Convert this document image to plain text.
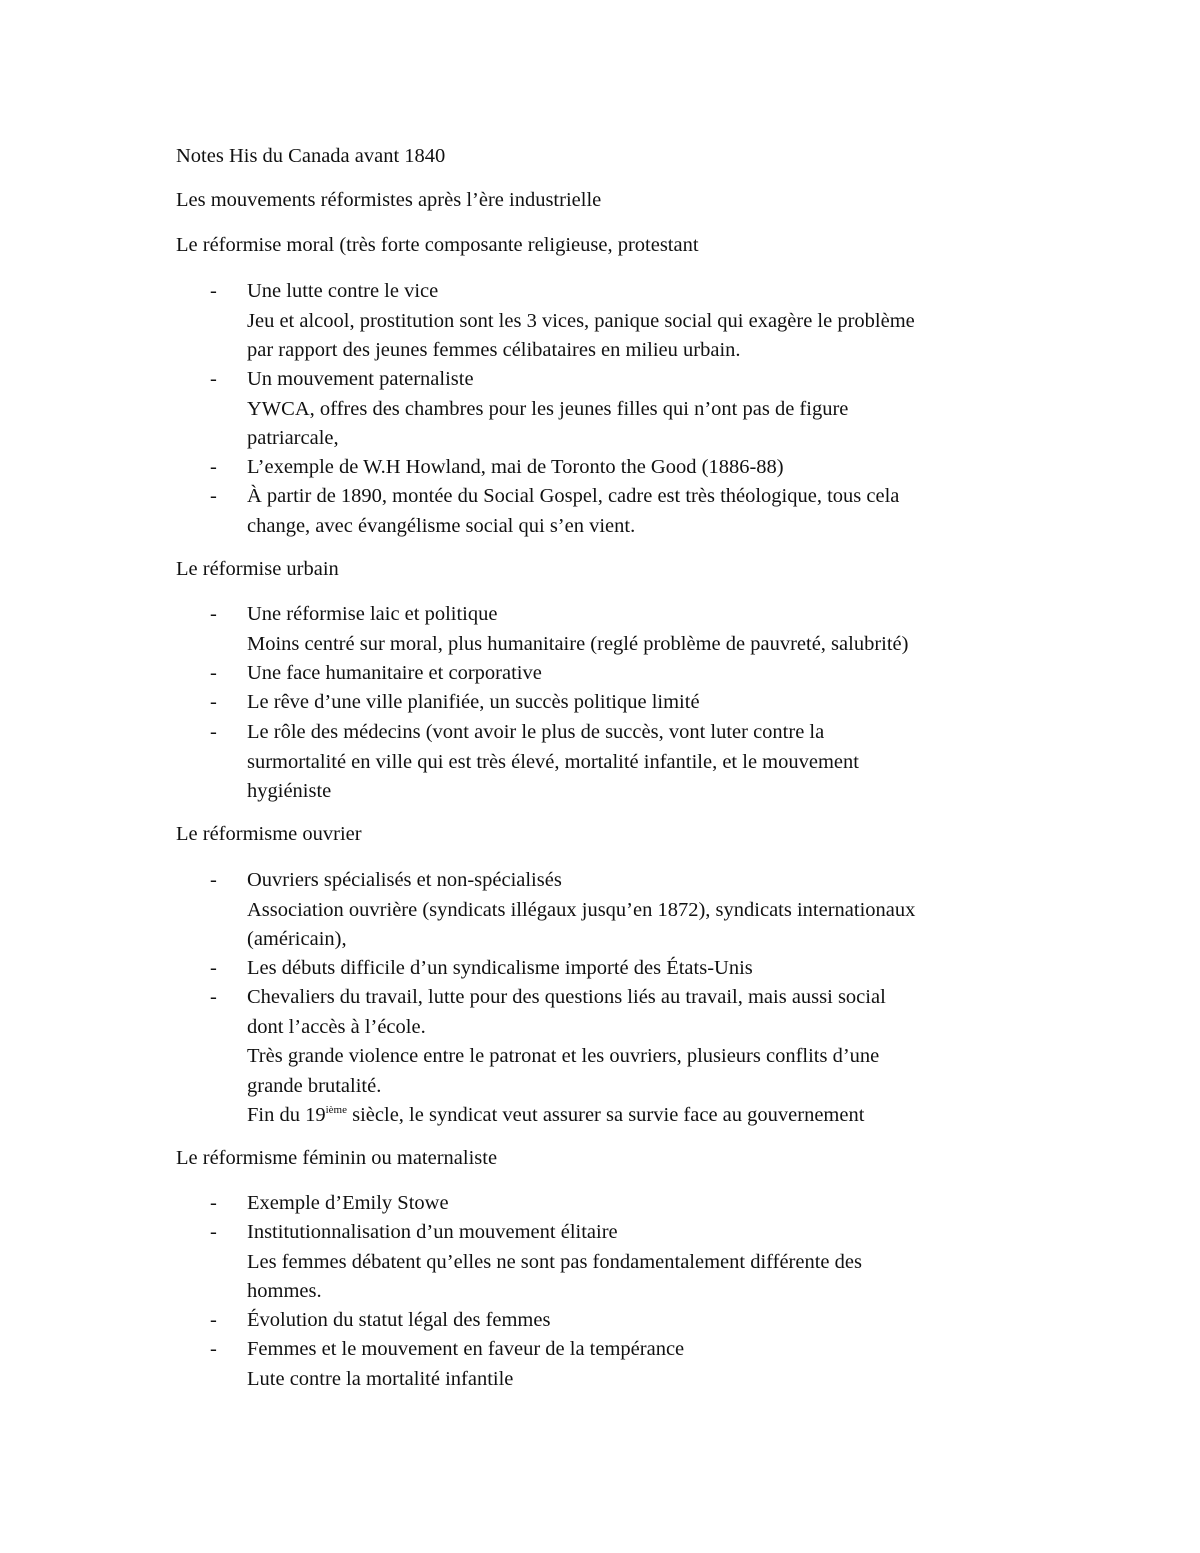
Notes His du Canada avant 1840

Les mouvements réformistes après l’ère industrielle

Le réformise moral (très forte composante religieuse, protestant

- Une lutte contre le vice
Jeu et alcool, prostitution sont les 3 vices, panique social qui exagère le problème
par rapport des jeunes femmes célibataires en milieu urbain.
- Un mouvement paternaliste
YWCA, offres des chambres pour les jeunes filles qui n’ont pas de figure
patriarcale,
- L’exemple de W.H Howland, mai de Toronto the Good (1886-88)
- À partir de 1890, montée du Social Gospel, cadre est très théologique, tous cela
change, avec évangélisme social qui s’en vient.

Le réformise urbain

- Une réformise laic et politique
Moins centré sur moral, plus humanitaire (reglé problème de pauvreté, salubrité)
- Une face humanitaire et corporative
- Le rêve d’une ville planifiée, un succès politique limité
- Le rôle des médecins (vont avoir le plus de succès, vont luter contre la
surmortalité en ville qui est très élevé, mortalité infantile, et le mouvement
hygiéniste

Le réformisme ouvrier

- Ouvriers spécialisés et non-spécialisés
Association ouvrière (syndicats illégaux jusqu’en 1872), syndicats internationaux
(américain),
- Les débuts difficile d’un syndicalisme importé des États-Unis
- Chevaliers du travail, lutte pour des questions liés au travail, mais aussi social
dont l’accès à l’école.
Très grande violence entre le patronat et les ouvriers, plusieurs conflits d’une
grande brutalité.
Fin du 19ième siècle, le syndicat veut assurer sa survie face au gouvernement

Le réformisme féminin ou maternaliste

- Exemple d’Emily Stowe
- Institutionnalisation d’un mouvement élitaire
Les femmes débatent qu’elles ne sont pas fondamentalement différente des
hommes.
- Évolution du statut légal des femmes
- Femmes et le mouvement en faveur de la tempérance
Lute contre la mortalité infantile
